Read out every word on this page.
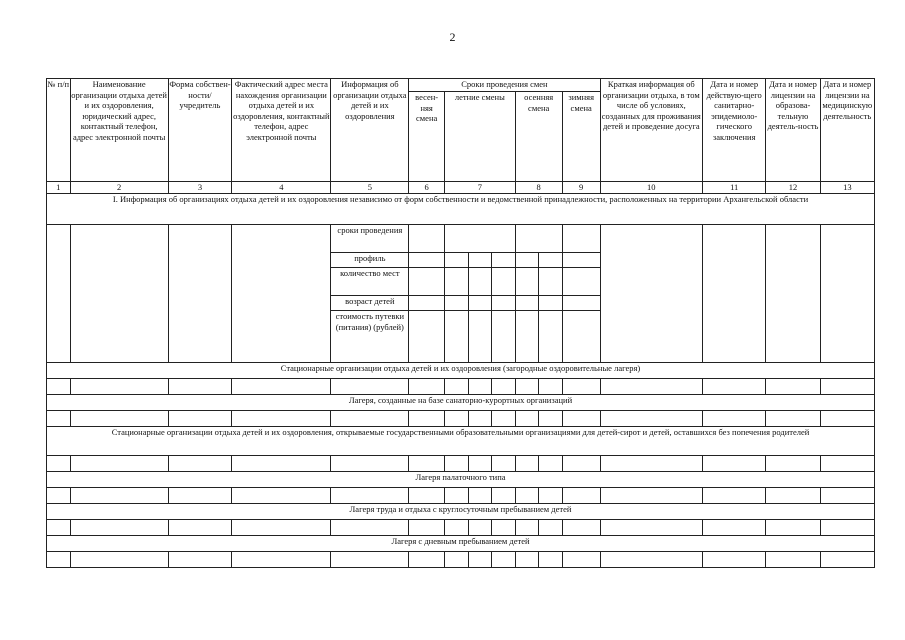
2
№ п/п	Наименование организации отдыха детей и их оздоровления, юридический адрес, контактный телефон, адрес электронной почты	Форма собствен-ности/ учредитель	Фактический адрес места нахождения организации отдыха детей и их оздоровления, контактный телефон, адрес электронной почты	Информация об организации отдыха детей и их оздоровления	Сроки проведения смен							Краткая информация об организации отдыха, в том числе об условиях, созданных для проживания детей и проведение досуга	Дата и номер действую-щего санитарно-эпидемиоло-гического заключения	Дата и номер лицензии на образова-тельную деятель-ность	Дата и номер лицензии на медицинскую деятельность
					весен-няя смена	летние смены			осенняя смена		зимняя смена				
1	2	3	4	5	6	7			8		9	10	11	12	13
I. Информация об организациях отдыха детей и их оздоровления независимо от форм собственности и ведомственной принадлежности, расположенных на территории Архангельской области															
				сроки проведения											
				профиль											
				количество мест											
				возраст детей											
				стоимость путевки (питания) (рублей)											
Стационарные организации отдыха детей и их оздоровления (загородные оздоровительные лагеря)															

Лагеря, созданные на базе санаторно-курортных организаций															

Стационарные организации отдыха детей и их оздоровления, открываемые государственными образовательными организациями для детей-сирот и детей, оставшихся без попечения родителей															

Лагеря палаточного типа															

Лагеря труда и отдыха с круглосуточным пребыванием детей															

Лагеря с дневным пребыванием детей															
